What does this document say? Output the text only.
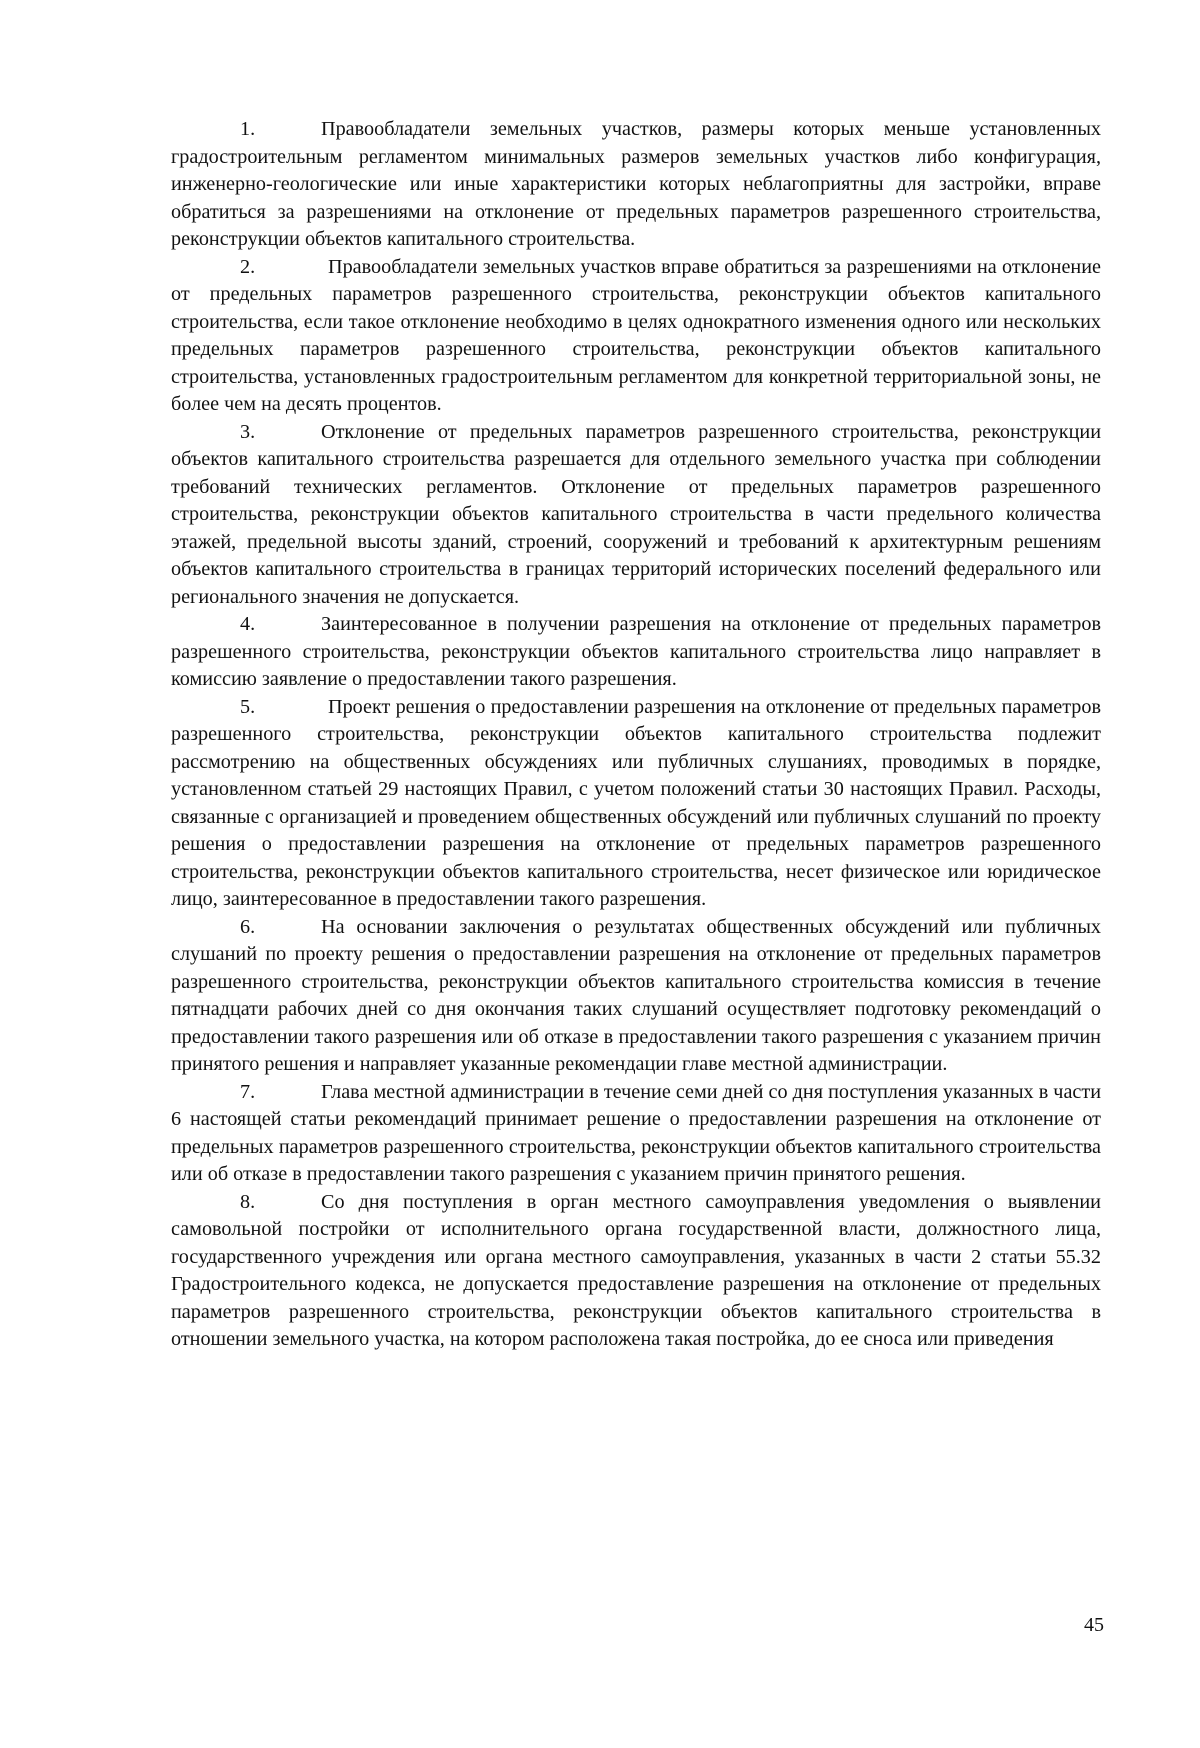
1.	Правообладатели земельных участков, размеры которых меньше установленных градостроительным регламентом минимальных размеров земельных участков либо конфигурация, инженерно-геологические или иные характеристики которых неблагоприятны для застройки, вправе обратиться за разрешениями на отклонение от предельных параметров разрешенного строительства, реконструкции объектов капитального строительства.

2.	Правообладатели земельных участков вправе обратиться за разрешениями на отклонение от предельных параметров разрешенного строительства, реконструкции объектов капитального строительства, если такое отклонение необходимо в целях однократного изменения одного или нескольких предельных параметров разрешенного строительства, реконструкции объектов капитального строительства, установленных градостроительным регламентом для конкретной территориальной зоны, не более чем на десять процентов.

3.	Отклонение от предельных параметров разрешенного строительства, реконструкции объектов капитального строительства разрешается для отдельного земельного участка при соблюдении требований технических регламентов. Отклонение от предельных параметров разрешенного строительства, реконструкции объектов капитального строительства в части предельного количества этажей, предельной высоты зданий, строений, сооружений и требований к архитектурным решениям объектов капитального строительства в границах территорий исторических поселений федерального или регионального значения не допускается.

4.	Заинтересованное в получении разрешения на отклонение от предельных параметров разрешенного строительства, реконструкции объектов капитального строительства лицо направляет в комиссию заявление о предоставлении такого разрешения.

5.	Проект решения о предоставлении разрешения на отклонение от предельных параметров разрешенного строительства, реконструкции объектов капитального строительства подлежит рассмотрению на общественных обсуждениях или публичных слушаниях, проводимых в порядке, установленном статьей 29 настоящих Правил, с учетом положений статьи 30 настоящих Правил. Расходы, связанные с организацией и проведением общественных обсуждений или публичных слушаний по проекту решения о предоставлении разрешения на отклонение от предельных параметров разрешенного строительства, реконструкции объектов капитального строительства, несет физическое или юридическое лицо, заинтересованное в предоставлении такого разрешения.

6.	На основании заключения о результатах общественных обсуждений или публичных слушаний по проекту решения о предоставлении разрешения на отклонение от предельных параметров разрешенного строительства, реконструкции объектов капитального строительства комиссия в течение пятнадцати рабочих дней со дня окончания таких слушаний осуществляет подготовку рекомендаций о предоставлении такого разрешения или об отказе в предоставлении такого разрешения с указанием причин принятого решения и направляет указанные рекомендации главе местной администрации.

7.	Глава местной администрации в течение семи дней со дня поступления указанных в части 6 настоящей статьи рекомендаций принимает решение о предоставлении разрешения на отклонение от предельных параметров разрешенного строительства, реконструкции объектов капитального строительства или об отказе в предоставлении такого разрешения с указанием причин принятого решения.

8.	Со дня поступления в орган местного самоуправления уведомления о выявлении самовольной постройки от исполнительного органа государственной власти, должностного лица, государственного учреждения или органа местного самоуправления, указанных в части 2 статьи 55.32 Градостроительного кодекса, не допускается предоставление разрешения на отклонение от предельных параметров разрешенного строительства, реконструкции объектов капитального строительства в отношении земельного участка, на котором расположена такая постройка, до ее сноса или приведения

45
